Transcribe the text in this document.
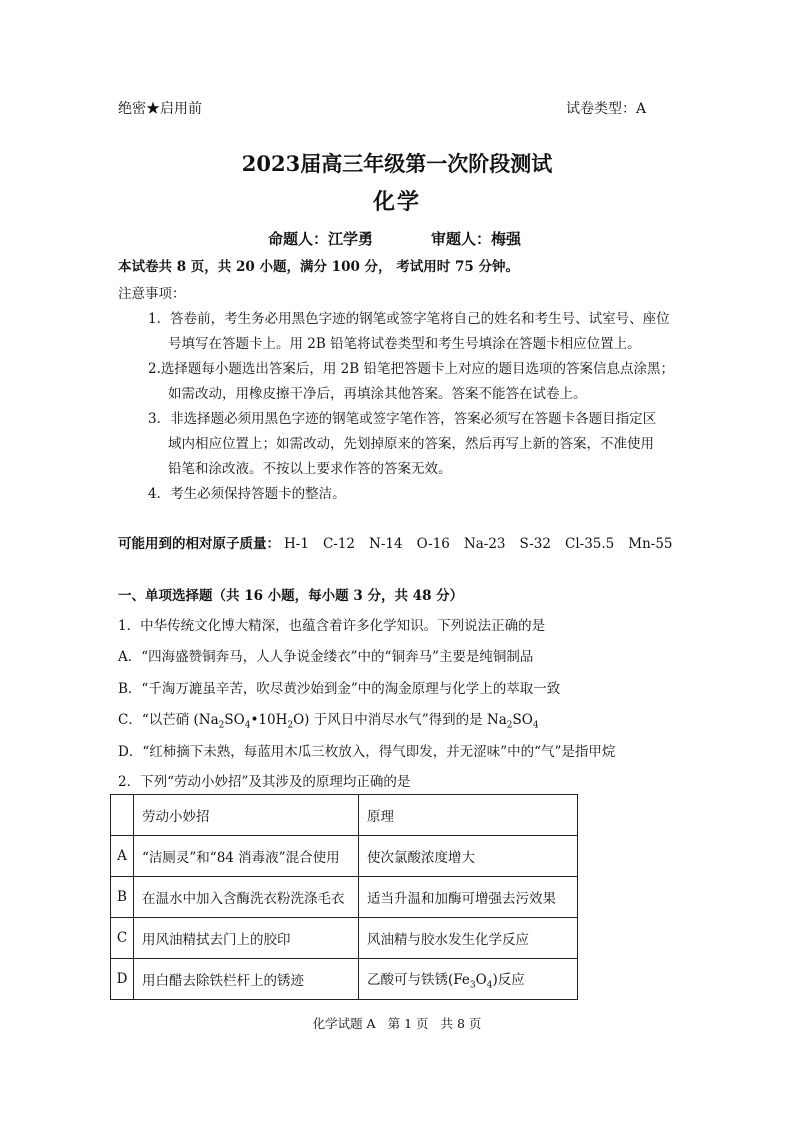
绝密★启用前	试卷类型：A
2023届高三年级第一次阶段测试
化学
命题人：江学勇	审题人：梅强
本试卷共 8 页，共 20 小题，满分 100 分， 考试用时 75 分钟。
注意事项：
1．答卷前，考生务必用黑色字迹的钢笔或签字笔将自己的姓名和考生号、试室号、座位
号填写在答题卡上。用 2B 铅笔将试卷类型和考生号填涂在答题卡相应位置上。
2.选择题每小题选出答案后，用 2B 铅笔把答题卡上对应的题目选项的答案信息点涂黑；
如需改动，用橡皮擦干净后，再填涂其他答案。答案不能答在试卷上。
3．非选择题必须用黑色字迹的钢笔或签字笔作答，答案必须写在答题卡各题目指定区
域内相应位置上；如需改动，先划掉原来的答案，然后再写上新的答案，不准使用
铅笔和涂改液。不按以上要求作答的答案无效。
4．考生必须保持答题卡的整洁。
可能用到的相对原子质量： H-1 C-12 N-14 O-16 Na-23 S-32 Cl-35.5 Mn-55
一、单项选择题（共 16 小题，每小题 3 分，共 48 分）
1．中华传统文化博大精深，也蕴含着许多化学知识。下列说法正确的是
A．“四海盛赞铜奔马，人人争说金缕衣”中的“铜奔马”主要是纯铜制品
B．“千淘万漉虽辛苦，吹尽黄沙始到金”中的淘金原理与化学上的萃取一致
C．“以芒硝 $(Na_2SO_4•10H_2O)$ 于风日中消尽水气”得到的是 $Na_2SO_4$
D．“红柿摘下未熟，每蓝用木瓜三枚放入，得气即发，并无涩味”中的“气”是指甲烷
2．下列“劳动小妙招”及其涉及的原理均正确的是
	劳动小妙招	原理
A	“洁厕灵”和“84 消毒液”混合使用	使次氯酸浓度增大
B	在温水中加入含酶洗衣粉洗涤毛衣	适当升温和加酶可增强去污效果
C	用风油精拭去门上的胶印	风油精与胶水发生化学反应
D	用白醋去除铁栏杆上的锈迹	乙酸可与铁锈$(Fe_3O_4)$反应
化学试题 A 第 1 页 共 8 页
